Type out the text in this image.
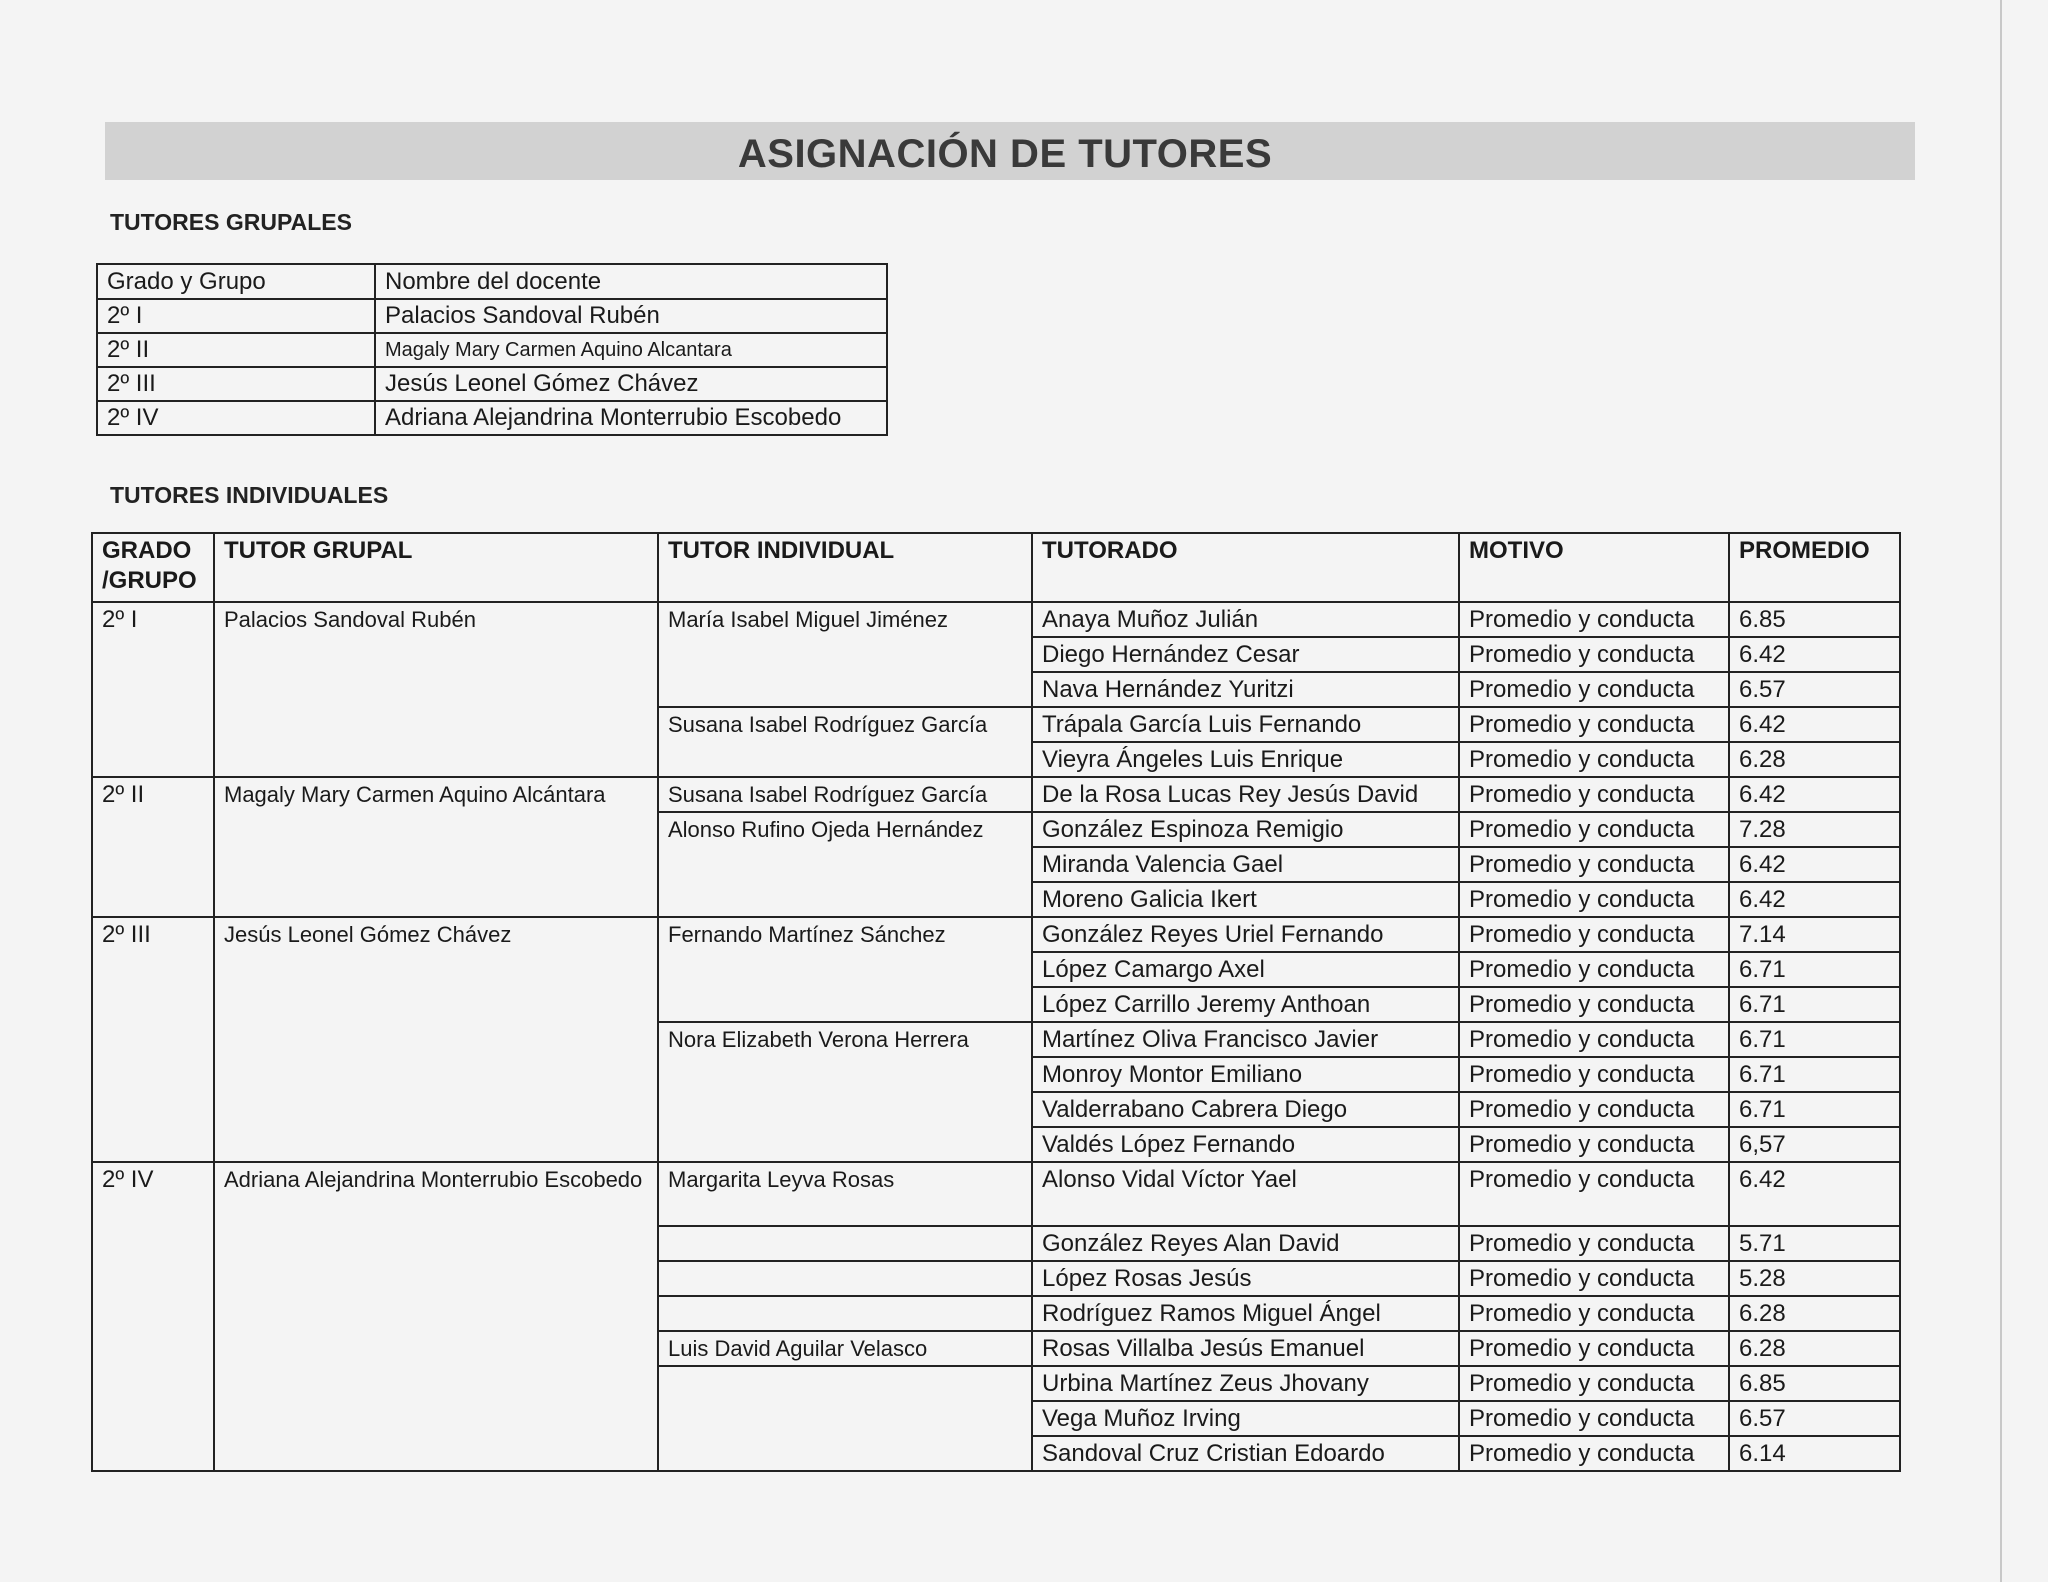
ASIGNACIÓN DE TUTORES
TUTORES GRUPALES
Grado y Grupo	Nombre del docente
2º I	Palacios Sandoval Rubén
2º II	Magaly Mary Carmen Aquino Alcantara
2º III	Jesús Leonel Gómez Chávez
2º IV	Adriana Alejandrina Monterrubio Escobedo
TUTORES INDIVIDUALES
GRADO /GRUPO	TUTOR GRUPAL	TUTOR INDIVIDUAL	TUTORADO	MOTIVO	PROMEDIO
2º I	Palacios Sandoval Rubén	María Isabel Miguel Jiménez	Anaya Muñoz Julián	Promedio y conducta	6.85
			Diego Hernández Cesar	Promedio y conducta	6.42
			Nava Hernández Yuritzi	Promedio y conducta	6.57
		Susana Isabel Rodríguez García	Trápala García Luis Fernando	Promedio y conducta	6.42
			Vieyra Ángeles Luis Enrique	Promedio y conducta	6.28
2º II	Magaly Mary Carmen Aquino Alcántara	Susana Isabel Rodríguez García	De la Rosa Lucas Rey Jesús David	Promedio y conducta	6.42
		Alonso Rufino Ojeda Hernández	González Espinoza Remigio	Promedio y conducta	7.28
			Miranda Valencia Gael	Promedio y conducta	6.42
			Moreno Galicia Ikert	Promedio y conducta	6.42
2º III	Jesús Leonel Gómez Chávez	Fernando Martínez Sánchez	González Reyes Uriel Fernando	Promedio y conducta	7.14
			López Camargo Axel	Promedio y conducta	6.71
			López Carrillo Jeremy Anthoan	Promedio y conducta	6.71
		Nora Elizabeth Verona Herrera	Martínez Oliva Francisco Javier	Promedio y conducta	6.71
			Monroy Montor Emiliano	Promedio y conducta	6.71
			Valderrabano Cabrera Diego	Promedio y conducta	6.71
			Valdés López Fernando	Promedio y conducta	6,57
2º IV	Adriana Alejandrina Monterrubio Escobedo	Margarita Leyva Rosas	Alonso Vidal Víctor Yael	Promedio y conducta	6.42
			González Reyes Alan David	Promedio y conducta	5.71
			López Rosas Jesús	Promedio y conducta	5.28
			Rodríguez Ramos Miguel Ángel	Promedio y conducta	6.28
		Luis David Aguilar Velasco	Rosas Villalba Jesús Emanuel	Promedio y conducta	6.28
			Urbina Martínez Zeus Jhovany	Promedio y conducta	6.85
			Vega Muñoz Irving	Promedio y conducta	6.57
			Sandoval Cruz Cristian Edoardo	Promedio y conducta	6.14
